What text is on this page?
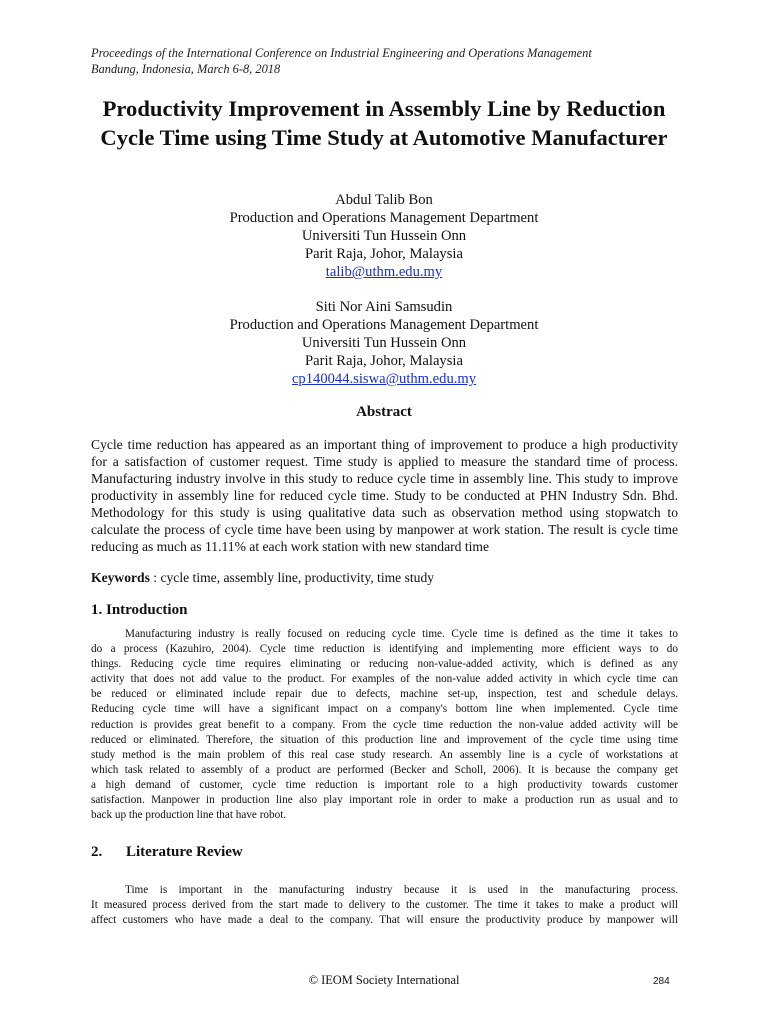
Proceedings of the International Conference on Industrial Engineering and Operations Management
Bandung, Indonesia, March 6-8, 2018
Productivity Improvement in Assembly Line by Reduction
Cycle Time using Time Study at Automotive Manufacturer
Abdul Talib Bon
Production and Operations Management Department
Universiti Tun Hussein Onn
Parit Raja, Johor, Malaysia
talib@uthm.edu.my
Siti Nor Aini Samsudin
Production and Operations Management Department
Universiti Tun Hussein Onn
Parit Raja, Johor, Malaysia
cp140044.siswa@uthm.edu.my
Abstract
Cycle time reduction has appeared as an important thing of improvement to produce a high productivity
for a satisfaction of customer request. Time study is applied to measure the standard time of process.
Manufacturing industry involve in this study to reduce cycle time in assembly line. This study to improve
productivity in assembly line for reduced cycle time. Study to be conducted at PHN Industry Sdn. Bhd.
Methodology for this study is using qualitative data such as observation method using stopwatch to
calculate the process of cycle time have been using by manpower at work station. The result is cycle time
reducing as much as 11.11% at each work station with new standard time

Keywords : cycle time, assembly line, productivity, time study

1. Introduction
Manufacturing industry is really focused on reducing cycle time. Cycle time is defined as the time it takes to
do a process (Kazuhiro, 2004). Cycle time reduction is identifying and implementing more efficient ways to do
things. Reducing cycle time requires eliminating or reducing non-value-added activity, which is defined as any
activity that does not add value to the product. For examples of the non-value added activity in which cycle time can
be reduced or eliminated include repair due to defects, machine set-up, inspection, test and schedule delays.
Reducing cycle time will have a significant impact on a company's bottom line when implemented. Cycle time
reduction is provides great benefit to a company. From the cycle time reduction the non-value added activity will be
reduced or eliminated. Therefore, the situation of this production line and improvement of the cycle time using time
study method is the main problem of this real case study research. An assembly line is a cycle of workstations at
which task related to assembly of a product are performed (Becker and Scholl, 2006). It is because the company get
a high demand of customer, cycle time reduction is important role to a high productivity towards customer
satisfaction. Manpower in production line also play important role in order to make a production run as usual and to
back up the production line that have robot.
2. Literature Review
Time is important in the manufacturing industry because it is used in the manufacturing process.
It measured process derived from the start made to delivery to the customer. The time it takes to make a product will
affect customers who have made a deal to the company. That will ensure the productivity produce by manpower will

© IEOM Society International	284
